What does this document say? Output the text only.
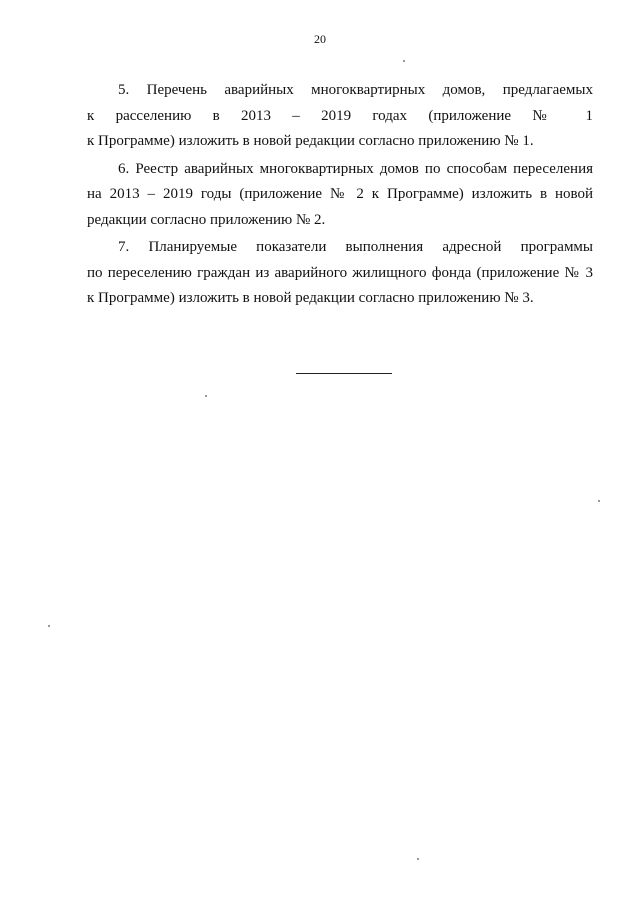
20
5. Перечень аварийных многоквартирных домов, предлагаемых
к расселению в 2013 – 2019 годах (приложение № 1
к Программе) изложить в новой редакции согласно приложению № 1.
6. Реестр аварийных многоквартирных домов по способам переселения
на 2013 – 2019 годы (приложение № 2 к Программе) изложить в новой
редакции согласно приложению № 2.
7. Планируемые показатели выполнения адресной программы
по переселению граждан из аварийного жилищного фонда (приложение № 3
к Программе) изложить в новой редакции согласно приложению № 3.
